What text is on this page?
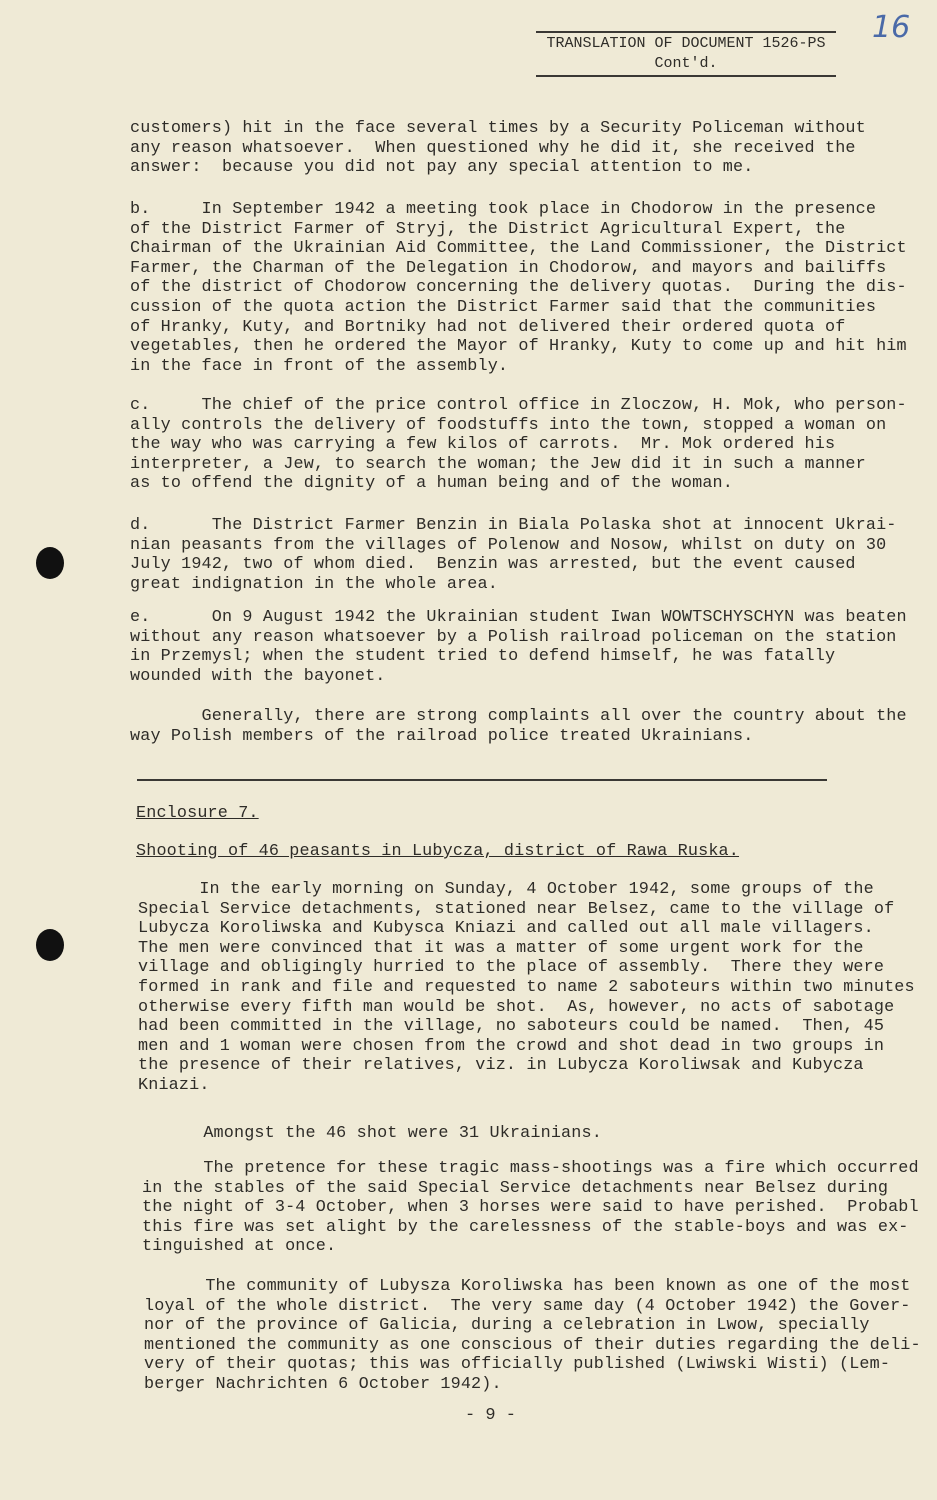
16
TRANSLATION OF DOCUMENT 1526-PS
Cont'd.
customers) hit in the face several times by a Security Policeman without
any reason whatsoever.  When questioned why he did it, she received the
answer:  because you did not pay any special attention to me.
b.     In September 1942 a meeting took place in Chodorow in the presence
of the District Farmer of Stryj, the District Agricultural Expert, the
Chairman of the Ukrainian Aid Committee, the Land Commissioner, the District
Farmer, the Charman of the Delegation in Chodorow, and mayors and bailiffs
of the district of Chodorow concerning the delivery quotas.  During the dis-
cussion of the quota action the District Farmer said that the communities
of Hranky, Kuty, and Bortniky had not delivered their ordered quota of
vegetables, then he ordered the Mayor of Hranky, Kuty to come up and hit him
in the face in front of the assembly.
c.     The chief of the price control office in Zloczow, H. Mok, who person-
ally controls the delivery of foodstuffs into the town, stopped a woman on
the way who was carrying a few kilos of carrots.  Mr. Mok ordered his
interpreter, a Jew, to search the woman; the Jew did it in such a manner
as to offend the dignity of a human being and of the woman.
d.      The District Farmer Benzin in Biala Polaska shot at innocent Ukrai-
nian peasants from the villages of Polenow and Nosow, whilst on duty on 30
July 1942, two of whom died.  Benzin was arrested, but the event caused
great indignation in the whole area.
e.      On 9 August 1942 the Ukrainian student Iwan WOWTSCHYSCHYN was beaten
without any reason whatsoever by a Polish railroad policeman on the station
in Przemysl; when the student tried to defend himself, he was fatally
wounded with the bayonet.
Generally, there are strong complaints all over the country about the
way Polish members of the railroad police treated Ukrainians.
Enclosure 7.
Shooting of 46 peasants in Lubycza, district of Rawa Ruska.
In the early morning on Sunday, 4 October 1942, some groups of the
Special Service detachments, stationed near Belsez, came to the village of
Lubycza Koroliwska and Kubysca Kniazi and called out all male villagers.
The men were convinced that it was a matter of some urgent work for the
village and obligingly hurried to the place of assembly.  There they were
formed in rank and file and requested to name 2 saboteurs within two minutes
otherwise every fifth man would be shot.  As, however, no acts of sabotage
had been committed in the village, no saboteurs could be named.  Then, 45
men and 1 woman were chosen from the crowd and shot dead in two groups in
the presence of their relatives, viz. in Lubycza Koroliwsak and Kubycza
Kniazi.
Amongst the 46 shot were 31 Ukrainians.
The pretence for these tragic mass-shootings was a fire which occurred
in the stables of the said Special Service detachments near Belsez during
the night of 3-4 October, when 3 horses were said to have perished.  Probabl
this fire was set alight by the carelessness of the stable-boys and was ex-
tinguished at once.
The community of Lubysza Koroliwska has been known as one of the most
loyal of the whole district.  The very same day (4 October 1942) the Gover-
nor of the province of Galicia, during a celebration in Lwow, specially
mentioned the community as one conscious of their duties regarding the deli-
very of their quotas; this was officially published (Lwiwski Wisti) (Lem-
berger Nachrichten 6 October 1942).
- 9 -
